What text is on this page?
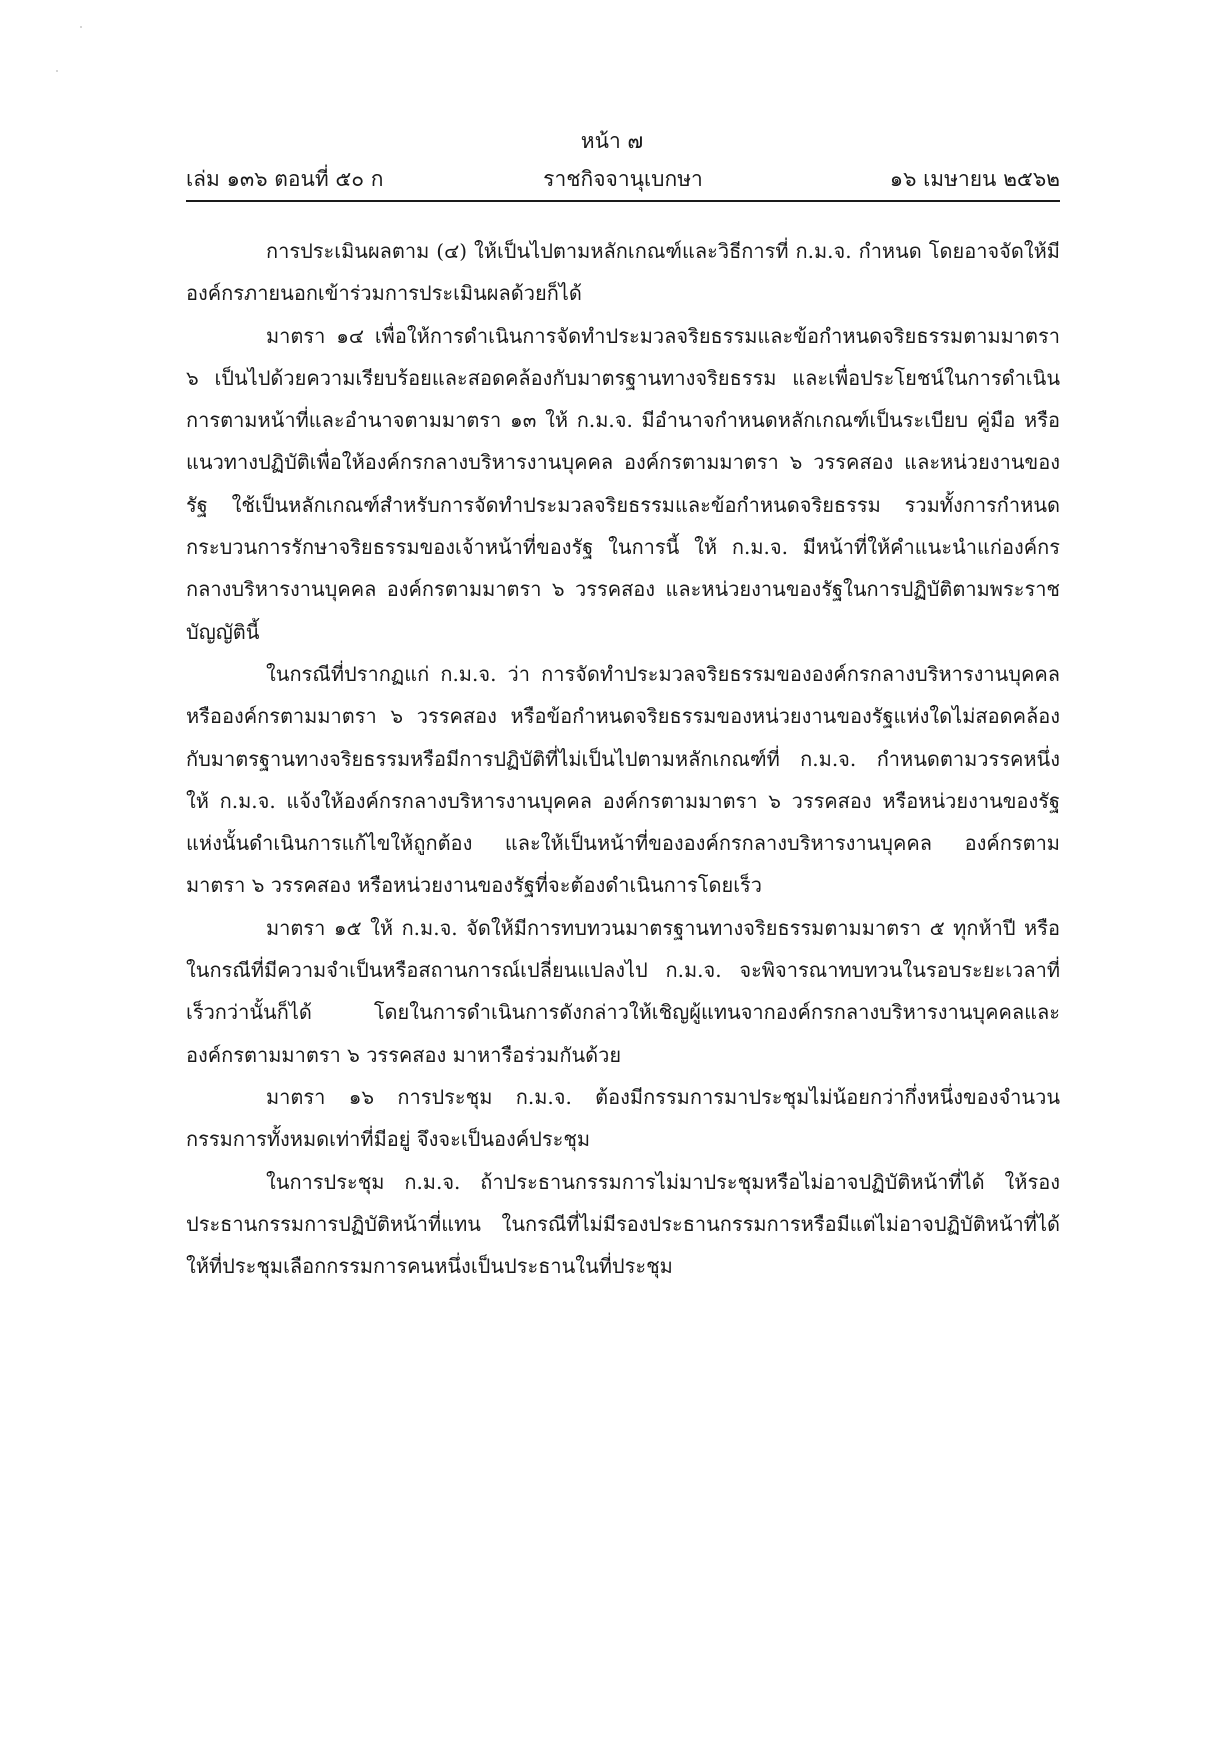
หน้า ๗
เล่ม ๑๓๖ ตอนที่ ๕๐ ก	ราชกิจจานุเบกษา	๑๖ เมษายน ๒๕๖๒

การประเมินผลตาม (๔) ให้เป็นไปตามหลักเกณฑ์และวิธีการที่ ก.ม.จ. กำหนด โดยอาจจัดให้มีองค์กรภายนอกเข้าร่วมการประเมินผลด้วยก็ได้

มาตรา ๑๔ เพื่อให้การดำเนินการจัดทำประมวลจริยธรรมและข้อกำหนดจริยธรรมตามมาตรา ๖ เป็นไปด้วยความเรียบร้อยและสอดคล้องกับมาตรฐานทางจริยธรรม และเพื่อประโยชน์ในการดำเนินการตามหน้าที่และอำนาจตามมาตรา ๑๓ ให้ ก.ม.จ. มีอำนาจกำหนดหลักเกณฑ์เป็นระเบียบ คู่มือ หรือแนวทางปฏิบัติเพื่อให้องค์กรกลางบริหารงานบุคคล องค์กรตามมาตรา ๖ วรรคสอง และหน่วยงานของรัฐ ใช้เป็นหลักเกณฑ์สำหรับการจัดทำประมวลจริยธรรมและข้อกำหนดจริยธรรม รวมทั้งการกำหนดกระบวนการรักษาจริยธรรมของเจ้าหน้าที่ของรัฐ ในการนี้ ให้ ก.ม.จ. มีหน้าที่ให้คำแนะนำแก่องค์กรกลางบริหารงานบุคคล องค์กรตามมาตรา ๖ วรรคสอง และหน่วยงานของรัฐในการปฏิบัติตามพระราชบัญญัตินี้

ในกรณีที่ปรากฏแก่ ก.ม.จ. ว่า การจัดทำประมวลจริยธรรมขององค์กรกลางบริหารงานบุคคลหรือองค์กรตามมาตรา ๖ วรรคสอง หรือข้อกำหนดจริยธรรมของหน่วยงานของรัฐแห่งใดไม่สอดคล้องกับมาตรฐานทางจริยธรรมหรือมีการปฏิบัติที่ไม่เป็นไปตามหลักเกณฑ์ที่ ก.ม.จ. กำหนดตามวรรคหนึ่ง ให้ ก.ม.จ. แจ้งให้องค์กรกลางบริหารงานบุคคล องค์กรตามมาตรา ๖ วรรคสอง หรือหน่วยงานของรัฐแห่งนั้นดำเนินการแก้ไขให้ถูกต้อง และให้เป็นหน้าที่ขององค์กรกลางบริหารงานบุคคล องค์กรตามมาตรา ๖ วรรคสอง หรือหน่วยงานของรัฐที่จะต้องดำเนินการโดยเร็ว

มาตรา ๑๕ ให้ ก.ม.จ. จัดให้มีการทบทวนมาตรฐานทางจริยธรรมตามมาตรา ๕ ทุกห้าปี หรือในกรณีที่มีความจำเป็นหรือสถานการณ์เปลี่ยนแปลงไป ก.ม.จ. จะพิจารณาทบทวนในรอบระยะเวลาที่เร็วกว่านั้นก็ได้ โดยในการดำเนินการดังกล่าวให้เชิญผู้แทนจากองค์กรกลางบริหารงานบุคคลและองค์กรตามมาตรา ๖ วรรคสอง มาหารือร่วมกันด้วย

มาตรา ๑๖ การประชุม ก.ม.จ. ต้องมีกรรมการมาประชุมไม่น้อยกว่ากึ่งหนึ่งของจำนวนกรรมการทั้งหมดเท่าที่มีอยู่ จึงจะเป็นองค์ประชุม

ในการประชุม ก.ม.จ. ถ้าประธานกรรมการไม่มาประชุมหรือไม่อาจปฏิบัติหน้าที่ได้ ให้รองประธานกรรมการปฏิบัติหน้าที่แทน ในกรณีที่ไม่มีรองประธานกรรมการหรือมีแต่ไม่อาจปฏิบัติหน้าที่ได้ ให้ที่ประชุมเลือกกรรมการคนหนึ่งเป็นประธานในที่ประชุม
